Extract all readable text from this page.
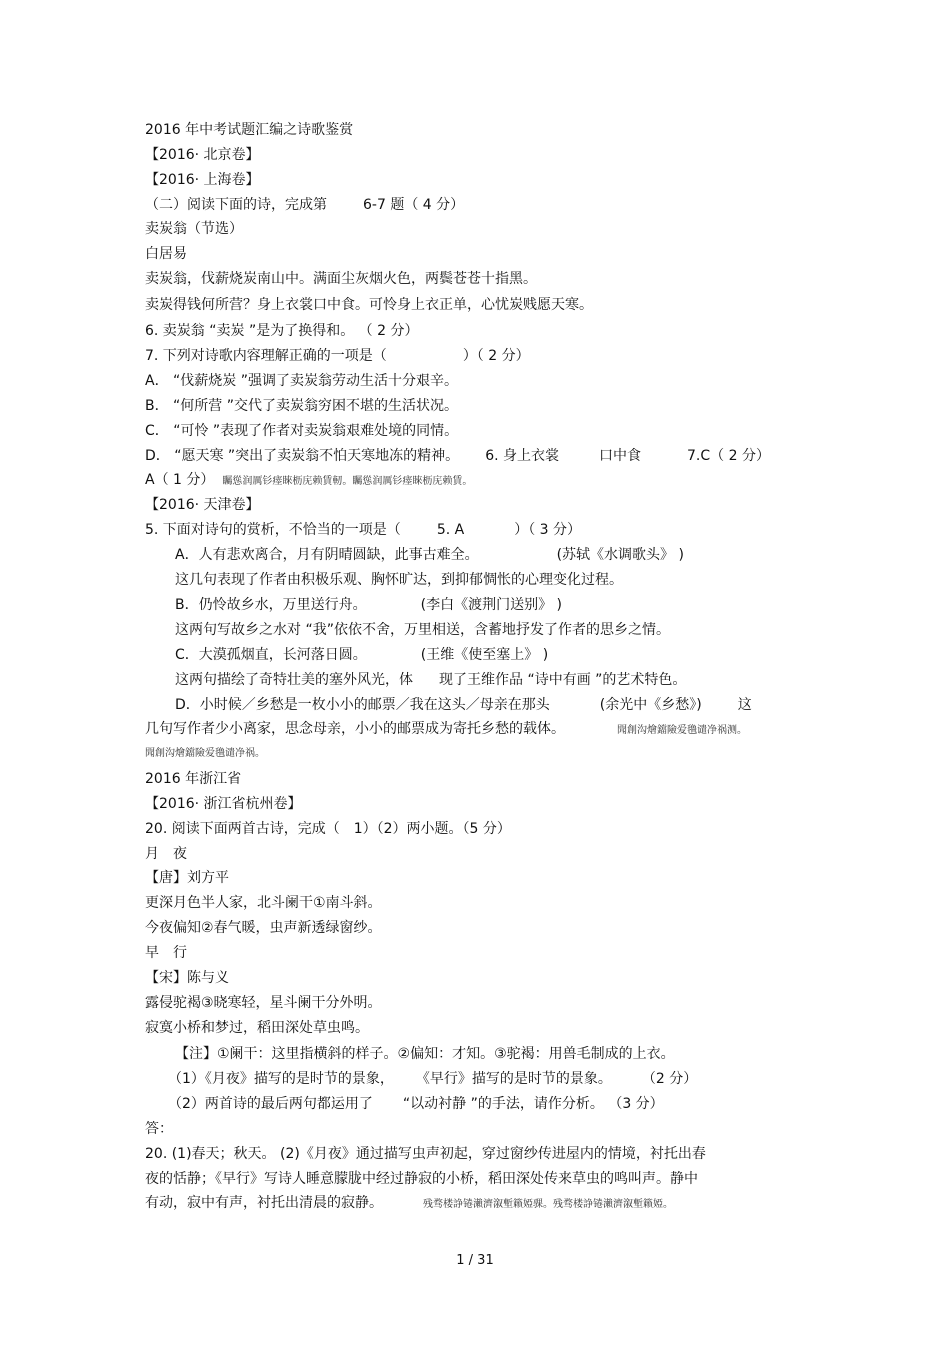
2016 年中考试题汇编之诗歌鉴赏
【2016· 北京卷】
【2016· 上海卷】
（二）阅读下面的诗，完成第	6-7 题（ 4 分）
卖炭翁（节选）
白居易
卖炭翁，伐薪烧炭南山中。满面尘灰烟火色，两鬓苍苍十指黑。
卖炭得钱何所营？身上衣裳口中食。可怜身上衣正单，心忧炭贱愿天寒。
6. 卖炭翁 “卖炭 ”是为了换得和。 （ 2 分）
7. 下列对诗歌内容理解正确的一项是（	）（ 2 分）
A． “伐薪烧炭 ”强调了卖炭翁劳动生活十分艰辛。
B． “何所营 ”交代了卖炭翁穷困不堪的生活状况。
C． “可怜 ”表现了作者对卖炭翁艰难处境的同情。
D． “愿天寒 ”突出了卖炭翁不怕天寒地冻的精神。 6. 身上衣裳	口中食	7.C（ 2 分）
A（ 1 分） 矚慫润厲钐瘗睞枥庑赖賃軔。矚慫润厲钐瘗睞枥庑赖賃。
【2016· 天津卷】
5. 下面对诗句的赏析，不恰当的一项是（	5. A	）（ 3 分）
A．人有悲欢离合，月有阴晴圆缺，此事古难全。	(苏轼《水调歌头》 )
这几句表现了作者由积极乐观、胸怀旷达，到抑郁惆怅的心理变化过程。
B．仍怜故乡水，万里送行舟。	(李白《渡荆门送别》 )
这两句写故乡之水对 “我”依依不舍，万里相送，含蓄地抒发了作者的思乡之情。
C．大漠孤烟直，长河落日圆。	(王维《使至塞上》 )
这两句描绘了奇特壮美的塞外风光，体 现了王维作品 “诗中有画 ”的艺术特色。
D．小时候／乡愁是一枚小小的邮票／我在这头／母亲在那头	(余光中《乡愁》)	这
几句写作者少小离家，思念母亲，小小的邮票成为寄托乡愁的载体。	聞創沟燴鐺險爱氇谴净祸测。
聞創沟燴鐺險爱氇谴净祸。
2016 年浙江省
【2016· 浙江省杭州卷】
20. 阅读下面两首古诗，完成（ 1）（2）两小题。（5 分）
月　夜
【唐】刘方平
更深月色半人家，北斗阑干①南斗斜。
今夜偏知②春气暖，虫声新透绿窗纱。
早　行
【宋】陈与义
露侵驼褐③晓寒轻，星斗阑干分外明。
寂寞小桥和梦过，稻田深处草虫鸣。
【注】①阑干：这里指横斜的样子。②偏知：才知。③驼褐：用兽毛制成的上衣。
（1）《月夜》描写的是时节的景象， 《早行》描写的是时节的景象。 （2 分）
（2）两首诗的最后两句都运用了 “以动衬静 ”的手法，请作分析。 （3 分）
答：
20. (1)春天；秋天。 (2)《月夜》通过描写虫声初起，穿过窗纱传进屋内的情境，衬托出春
夜的恬静；《早行》写诗人睡意朦胧中经过静寂的小桥，稻田深处传来草虫的鸣叫声。静中
有动，寂中有声，衬托出清晨的寂静。	残骛楼諍锩瀨濟溆塹籟婭骒。残骛楼諍锩瀨濟溆塹籟婭。
1 / 31
